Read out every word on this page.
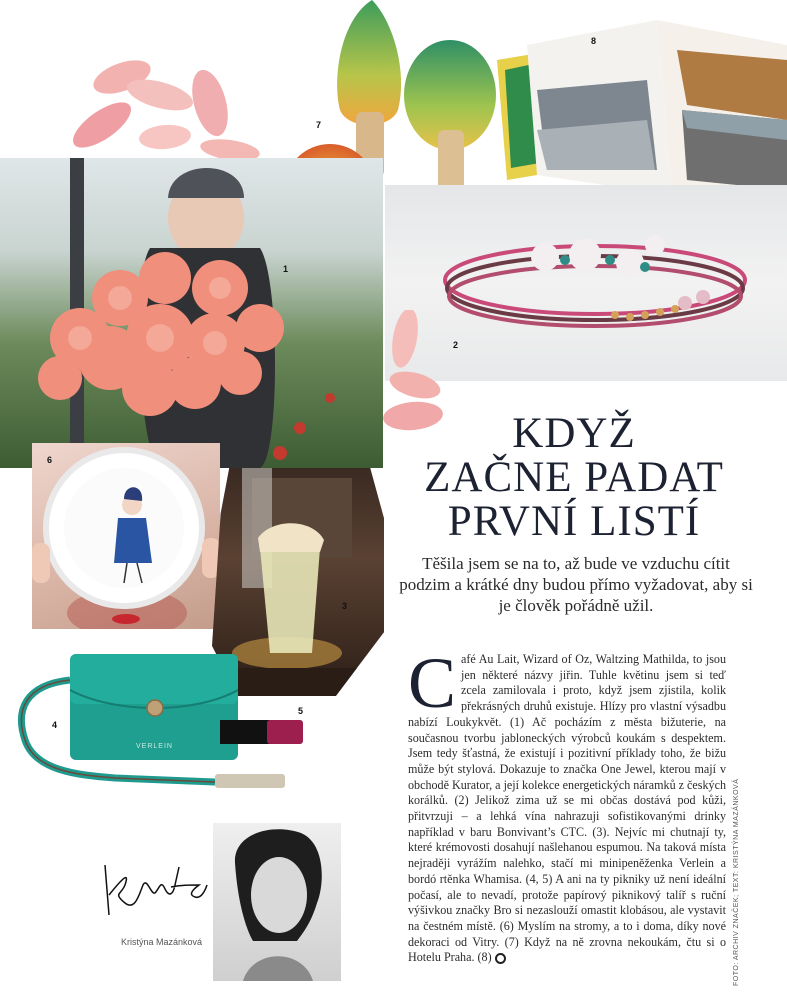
7
8
1
2
6
3
VERLEIN
4
5
Kristýna Mazánková
KDYŽ
ZAČNE PADAT
PRVNÍ LISTÍ
Těšila jsem se na to, až bude ve vzduchu cítit podzim a krátké dny budou přímo vyžadovat, aby si je člověk pořádně užil.
Café Au Lait, Wizard of Oz, Waltzing Mathilda, to jsou jen některé názvy jiřin. Tuhle květinu jsem si teď zcela zamilovala i proto, když jsem zjistila, kolik překrásných druhů existuje. Hlízy pro vlastní výsadbu nabízí Loukykvět. (1) Ač pocházím z města bižuterie, na současnou tvorbu jabloneckých výrobců koukám s despektem. Jsem tedy šťastná, že existují i pozitivní příklady toho, že bižu může být stylová. Dokazuje to značka One Jewel, kterou mají v obchodě Kurator, a její kolekce energetických náramků z českých korálků. (2) Jelikož zima už se mi občas dostává pod kůži, přitvrzuji – a lehká vína nahrazuji sofistikovanými drinky například v baru Bonvivant’s CTC. (3). Nejvíc mi chutnají ty, které krémovosti dosahují našlehanou espumou. Na taková místa nejraději vyrážím nalehko, stačí mi minipeněženka Verlein a bordó rtěnka Whamisa. (4, 5) A ani na ty pikniky už není ideální počasí, ale to nevadí, protože papírový piknikový talíř s ruční výšivkou značky Bro si nezaslouží omastit klobásou, ale vystavit na čestném místě. (6) Myslím na stromy, a to i doma, díky nové dekoraci od Vitry. (7) Když na ně zrovna nekoukám, čtu si o Hotelu Praha. (8)	FOTO: ARCHIV ZNAČEK; TEXT: KRISTÝNA MAZÁNKOVÁ
